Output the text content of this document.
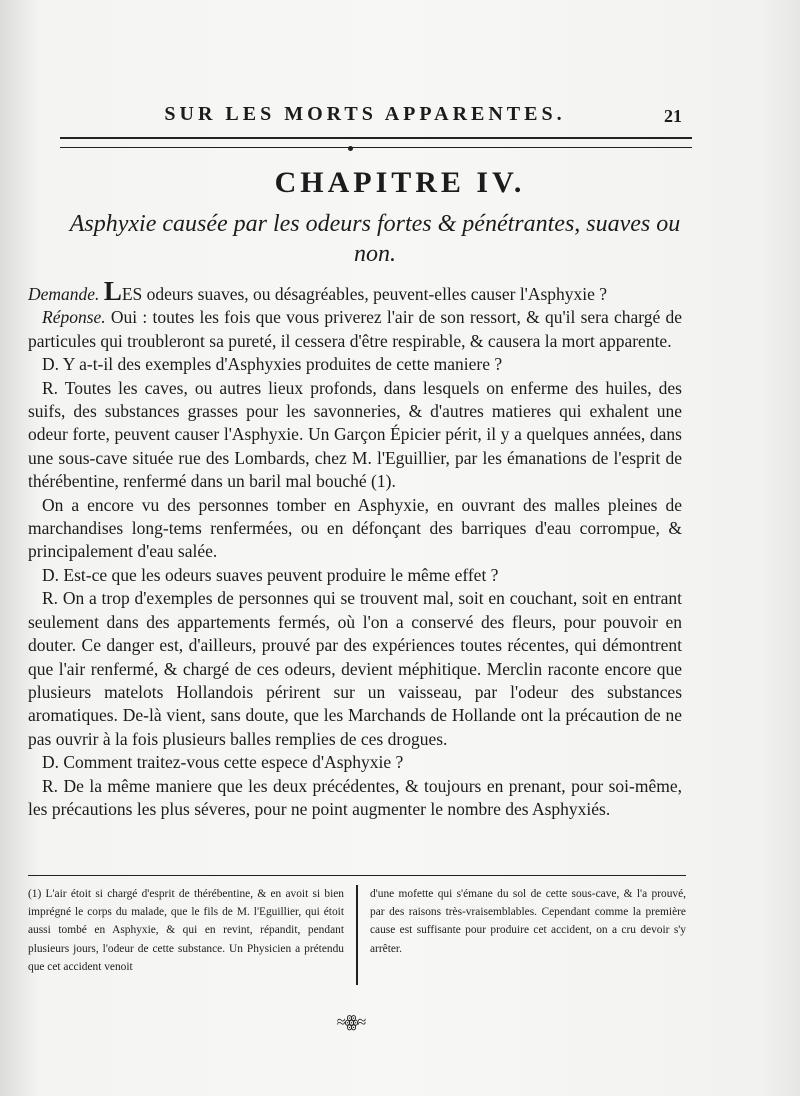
SUR LES MORTS APPARENTES.	21
CHAPITRE IV.
Asphyxie causée par les odeurs fortes & pénétrantes, suaves ou non.

Demande. LES odeurs suaves, ou désagréables, peuvent-elles causer l'Asphyxie ?

Réponse. Oui : toutes les fois que vous priverez l'air de son ressort, & qu'il sera chargé de particules qui troubleront sa pureté, il cessera d'être respirable, & causera la mort apparente.

D. Y a-t-il des exemples d'Asphyxies produites de cette maniere ?

R. Toutes les caves, ou autres lieux profonds, dans lesquels on enferme des huiles, des suifs, des substances grasses pour les savonneries, & d'autres matieres qui exhalent une odeur forte, peuvent causer l'Asphyxie. Un Garçon Épicier périt, il y a quelques années, dans une sous-cave située rue des Lombards, chez M. l'Eguillier, par les émanations de l'esprit de thérébentine, renfermé dans un baril mal bouché (1).

On a encore vu des personnes tomber en Asphyxie, en ouvrant des malles pleines de marchandises long-tems renfermées, ou en défonçant des barriques d'eau corrompue, & principalement d'eau salée.

D. Est-ce que les odeurs suaves peuvent produire le même effet ?

R. On a trop d'exemples de personnes qui se trouvent mal, soit en couchant, soit en entrant seulement dans des appartements fermés, où l'on a conservé des fleurs, pour pouvoir en douter. Ce danger est, d'ailleurs, prouvé par des expériences toutes récentes, qui démontrent que l'air renfermé, & chargé de ces odeurs, devient méphitique. Merclin raconte encore que plusieurs matelots Hollandois périrent sur un vaisseau, par l'odeur des substances aromatiques. De-là vient, sans doute, que les Marchands de Hollande ont la précaution de ne pas ouvrir à la fois plusieurs balles remplies de ces drogues.

D. Comment traitez-vous cette espece d'Asphyxie ?

R. De la même maniere que les deux précédentes, & toujours en prenant, pour soi-même, les précautions les plus séveres, pour ne point augmenter le nombre des Asphyxiés.

(1) L'air étoit si chargé d'esprit de thérébentine, & en avoit si bien imprégné le corps du malade, que le fils de M. l'Eguillier, qui étoit aussi tombé en Asphyxie, & qui en revint, répandit, pendant plusieurs jours, l'odeur de cette substance. Un Physicien a prétendu que cet accident venoit
d'une mofette qui s'émane du sol de cette sous-cave, & l'a prouvé, par des raisons très-vraisemblables. Cependant comme la première cause est suffisante pour produire cet accident, on a cru devoir s'y arrêter.
≈ꙮ≈
